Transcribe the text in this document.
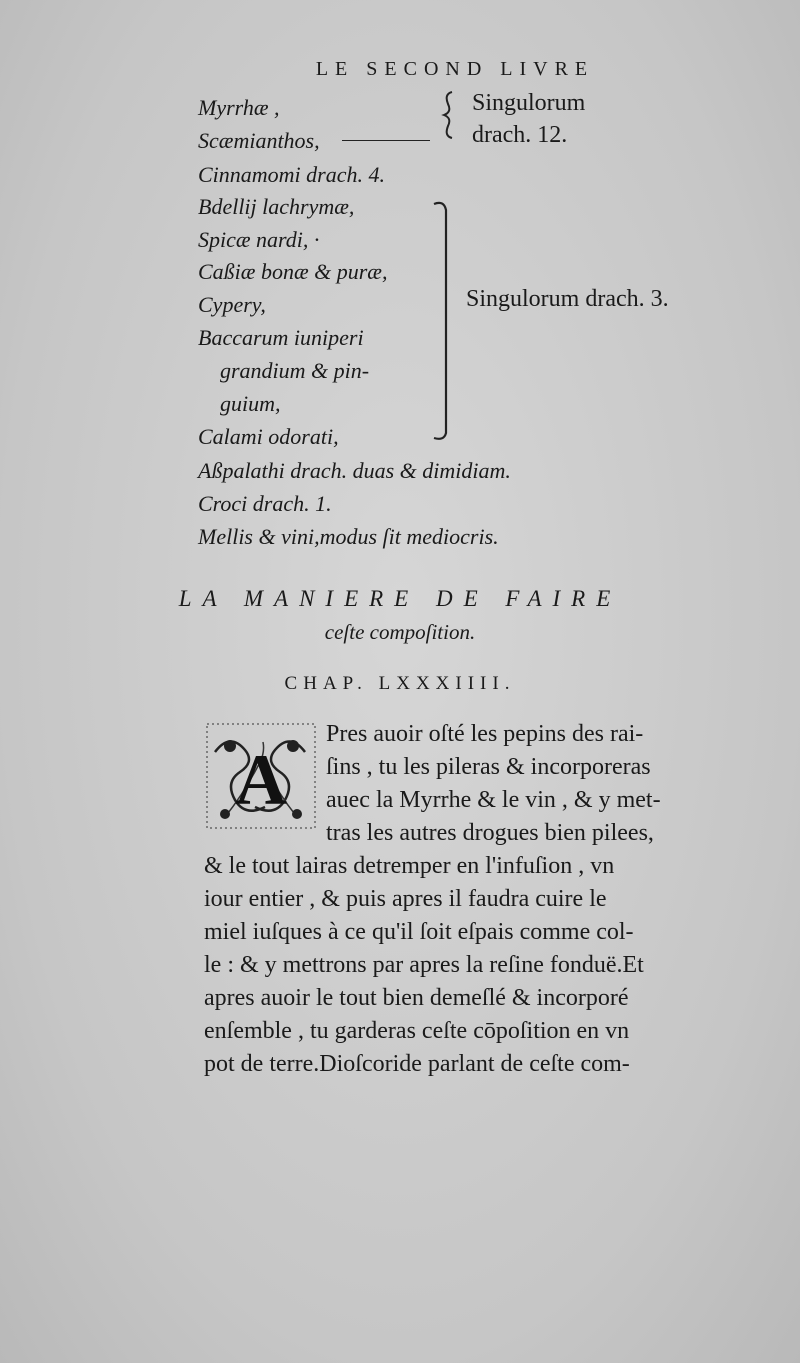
LE SECOND LIVRE
Myrrhæ ,
Scæmianthos,
Singulorum
drach. 12.
Cinnamomi drach. 4.
Bdellij lachrymæ,
Spicæ nardi, ·
Caßiæ bonæ & puræ,
Cypery,
Baccarum iuniperi
grandium & pin-
guium,
Calami odorati,
Singulorum drach. 3.
Aßpalathi drach. duas & dimidiam.
Croci drach. 1.
Mellis & vini,modus ſit mediocris.
LA MANIERE DE FAIRE
ceſte compoſition.
CHAP. LXXXIIII.
A
Pres auoir oſté les pepins des rai-
ſins , tu les pileras & incorporeras
auec la Myrrhe & le vin , & y met-
tras les autres drogues bien pilees,
& le tout lairas detremper en l'infuſion , vn
iour entier , & puis apres il faudra cuire le
miel iuſques à ce qu'il ſoit eſpais comme col-
le : & y mettrons par apres la reſine fonduë.Et
apres auoir le tout bien demeſlé & incorporé
enſemble , tu garderas ceſte cōpoſition en vn
pot de terre.Dioſcoride parlant de ceſte com-
